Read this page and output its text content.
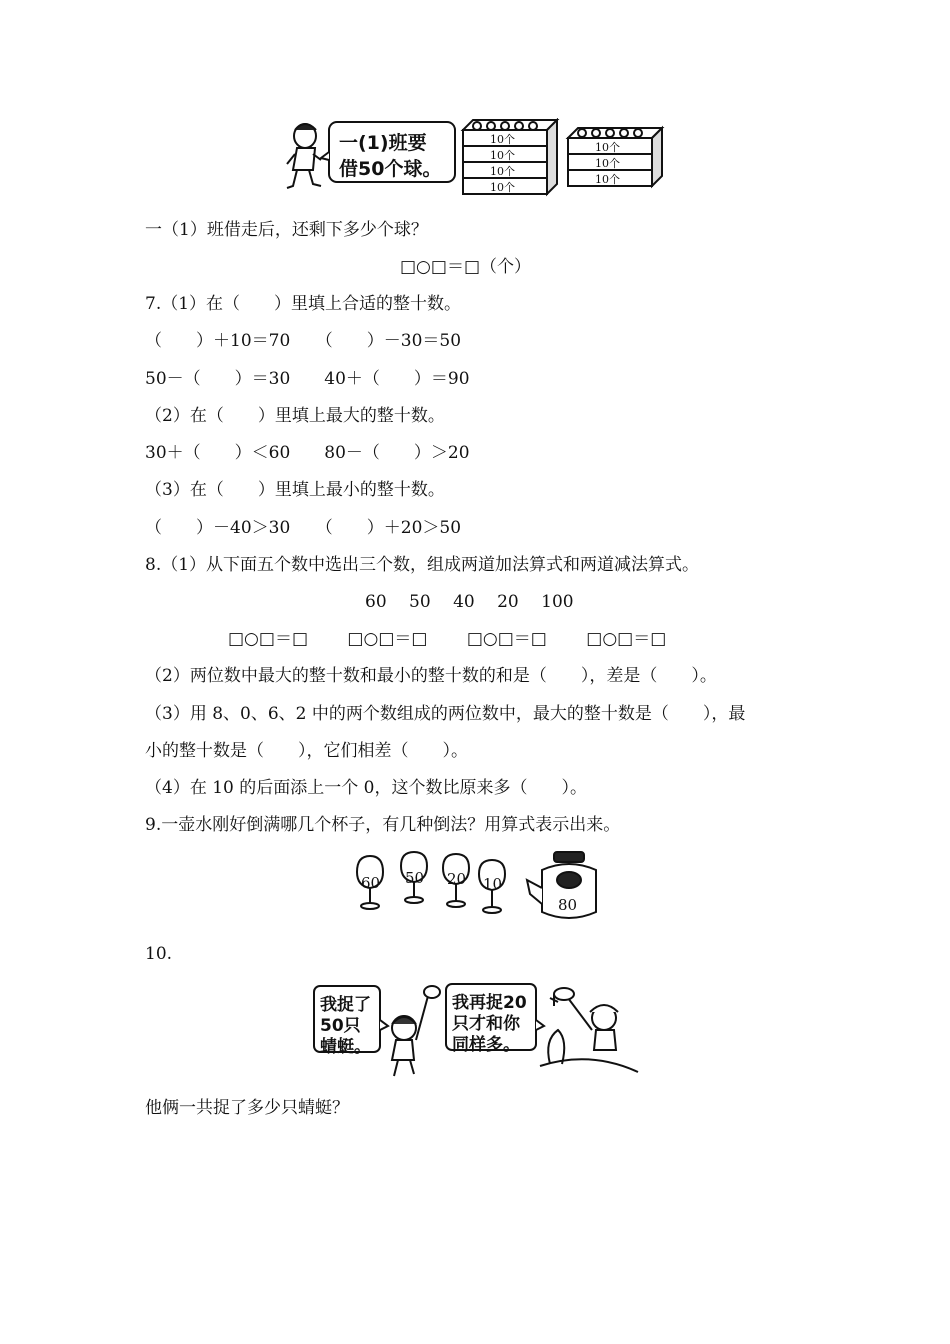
一(1)班要
借50个球。
10个
10个
10个
10个
10个
10个
10个
一（1）班借走后，还剩下多少个球？
□○□＝□（个）
7.（1）在（　　）里填上合适的整十数。
（　　）＋10＝70　　（　　）－30＝50
50－（　　）＝30　　40＋（　　）＝90
（2）在（　　）里填上最大的整十数。
30＋（　　）＜60　　80－（　　）＞20
（3）在（　　）里填上最小的整十数。
（　　）－40＞30　　（　　）＋20＞50
8.（1）从下面五个数中选出三个数，组成两道加法算式和两道减法算式。
60　 50　 40　 20　 100
□○□＝□　　 □○□＝□　　 □○□＝□　　 □○□＝□
（2）两位数中最大的整十数和最小的整十数的和是（　　），差是（　　）。
（3）用 8、0、6、2 中的两个数组成的两位数中，最大的整十数是（　　），最
小的整十数是（　　），它们相差（　　）。
（4）在 10 的后面添上一个 0，这个数比原来多（　　）。
9.一壶水刚好倒满哪几个杯子，有几种倒法？用算式表示出来。
60 50 20 10
80
10.
我捉了
50只
蜻蜓。
我再捉20
只才和你
同样多。
他俩一共捉了多少只蜻蜓？
